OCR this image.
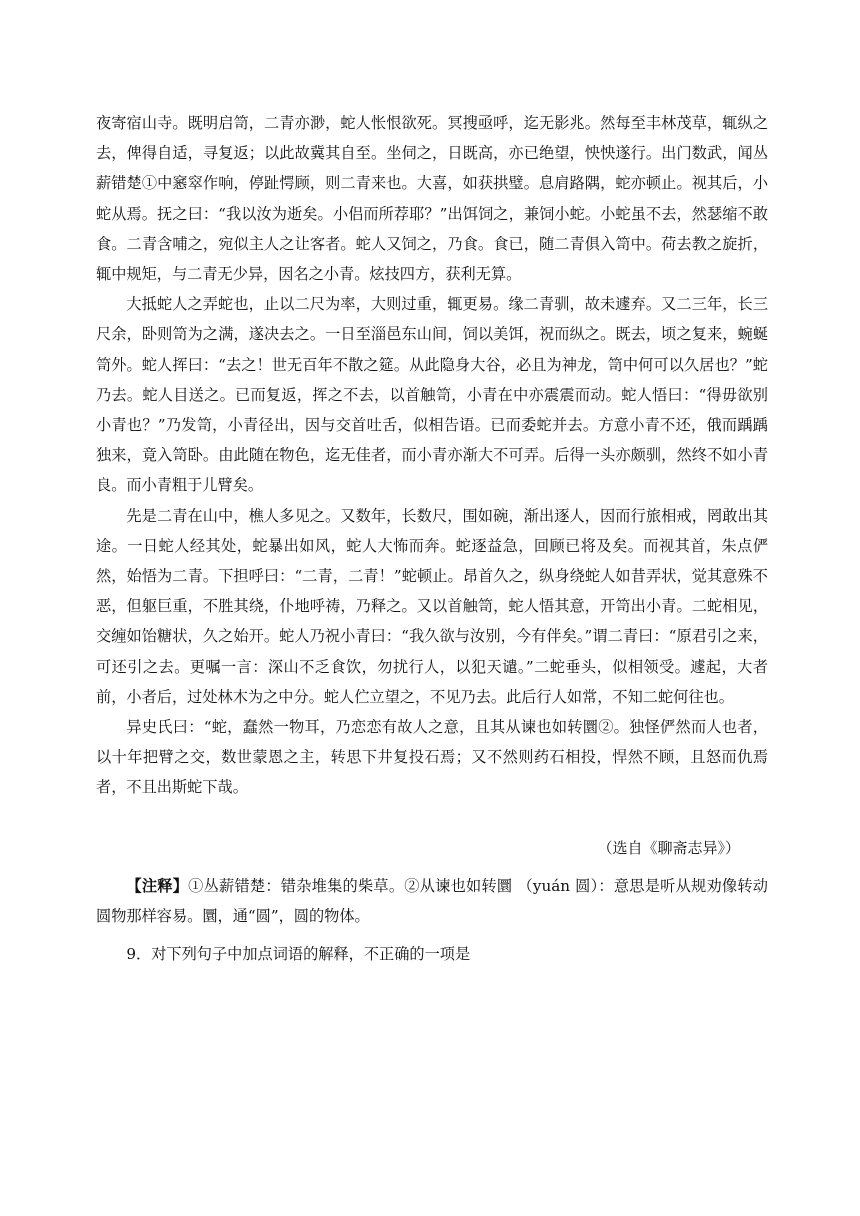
夜寄宿山寺。既明启笥，二青亦渺，蛇人怅恨欲死。冥搜亟呼，迄无影兆。然每至丰林茂草，辄纵之去，俾得自适，寻复返；以此故冀其自至。坐伺之，日既高，亦已绝望，怏怏遂行。出门数武，闻丛薪错楚①中窸窣作响，停趾愕顾，则二青来也。大喜，如获拱璧。息肩路隅，蛇亦顿止。视其后，小蛇从焉。抚之曰：“我以汝为逝矣。小侣而所荐耶？”出饵饲之，兼饲小蛇。小蛇虽不去，然瑟缩不敢食。二青含哺之，宛似主人之让客者。蛇人又饲之，乃食。食已，随二青俱入笥中。荷去教之旋折，辄中规矩，与二青无少异，因名之小青。炫技四方，获利无算。

大抵蛇人之弄蛇也，止以二尺为率，大则过重，辄更易。缘二青驯，故未遽弃。又二三年，长三尺余，卧则笥为之满，遂决去之。一日至淄邑东山间，饲以美饵，祝而纵之。既去，顷之复来，蜿蜒笥外。蛇人挥曰：“去之！世无百年不散之筵。从此隐身大谷，必且为神龙，笥中何可以久居也？”蛇乃去。蛇人目送之。已而复返，挥之不去，以首触笥，小青在中亦震震而动。蛇人悟曰：“得毋欲别小青也？”乃发笥，小青径出，因与交首吐舌，似相告语。已而委蛇并去。方意小青不还，俄而踽踽独来，竟入笥卧。由此随在物色，迄无佳者，而小青亦渐大不可弄。后得一头亦颇驯，然终不如小青良。而小青粗于儿臂矣。

先是二青在山中，樵人多见之。又数年，长数尺，围如碗，渐出逐人，因而行旅相戒，罔敢出其途。一日蛇人经其处，蛇暴出如风，蛇人大怖而奔。蛇逐益急，回顾已将及矣。而视其首，朱点俨然，始悟为二青。下担呼曰：“二青，二青！”蛇顿止。昂首久之，纵身绕蛇人如昔弄状，觉其意殊不恶，但躯巨重，不胜其绕，仆地呼祷，乃释之。又以首触笥，蛇人悟其意，开笥出小青。二蛇相见，交缠如饴糖状，久之始开。蛇人乃祝小青曰：“我久欲与汝别，今有伴矣。”谓二青曰：“原君引之来，可还引之去。更嘱一言：深山不乏食饮，勿扰行人，以犯天谴。”二蛇垂头，似相领受。遽起，大者前，小者后，过处林木为之中分。蛇人伫立望之，不见乃去。此后行人如常，不知二蛇何往也。

异史氏曰：“蛇，蠢然一物耳，乃恋恋有故人之意，且其从谏也如转圜②。独怪俨然而人也者，以十年把臂之交，数世蒙恩之主，转思下井复投石焉；又不然则药石相投，悍然不顾，且怒而仇焉者，不且出斯蛇下哉。

（选自《聊斋志异》）

【注释】①丛薪错楚：错杂堆集的柴草。②从谏也如转圜 （yuán 圆）：意思是听从规劝像转动圆物那样容易。圜，通“圆”，圆的物体。

9．对下列句子中加点词语的解释，不正确的一项是
